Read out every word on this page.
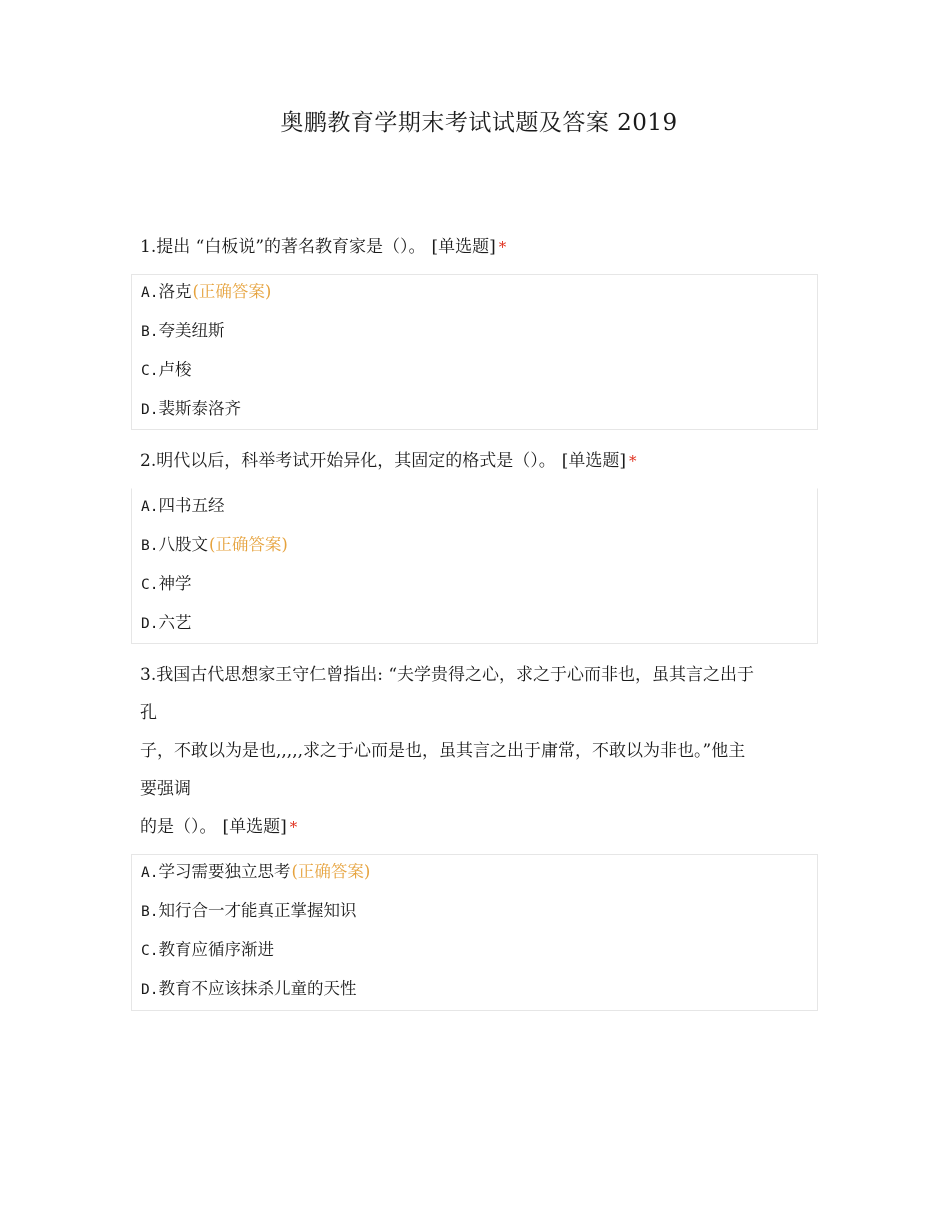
奥鹏教育学期末考试试题及答案 2019
1.提出 “白板说”的著名教育家是（）。 [单选题] *
A.洛克(正确答案)
B.夸美纽斯
C.卢梭
D.裴斯泰洛齐
2.明代以后，科举考试开始异化，其固定的格式是（）。 [单选题] *
A.四书五经
B.八股文(正确答案)
C.神学
D.六艺
3.我国古代思想家王守仁曾指出: “夫学贵得之心，求之于心而非也，虽其言之出于
孔
子，不敢以为是也,,,,,求之于心而是也，虽其言之出于庸常，不敢以为非也。”他主
要强调
的是（）。 [单选题] *
A.学习需要独立思考(正确答案)
B.知行合一才能真正掌握知识
C.教育应循序渐进
D.教育不应该抹杀儿童的天性
